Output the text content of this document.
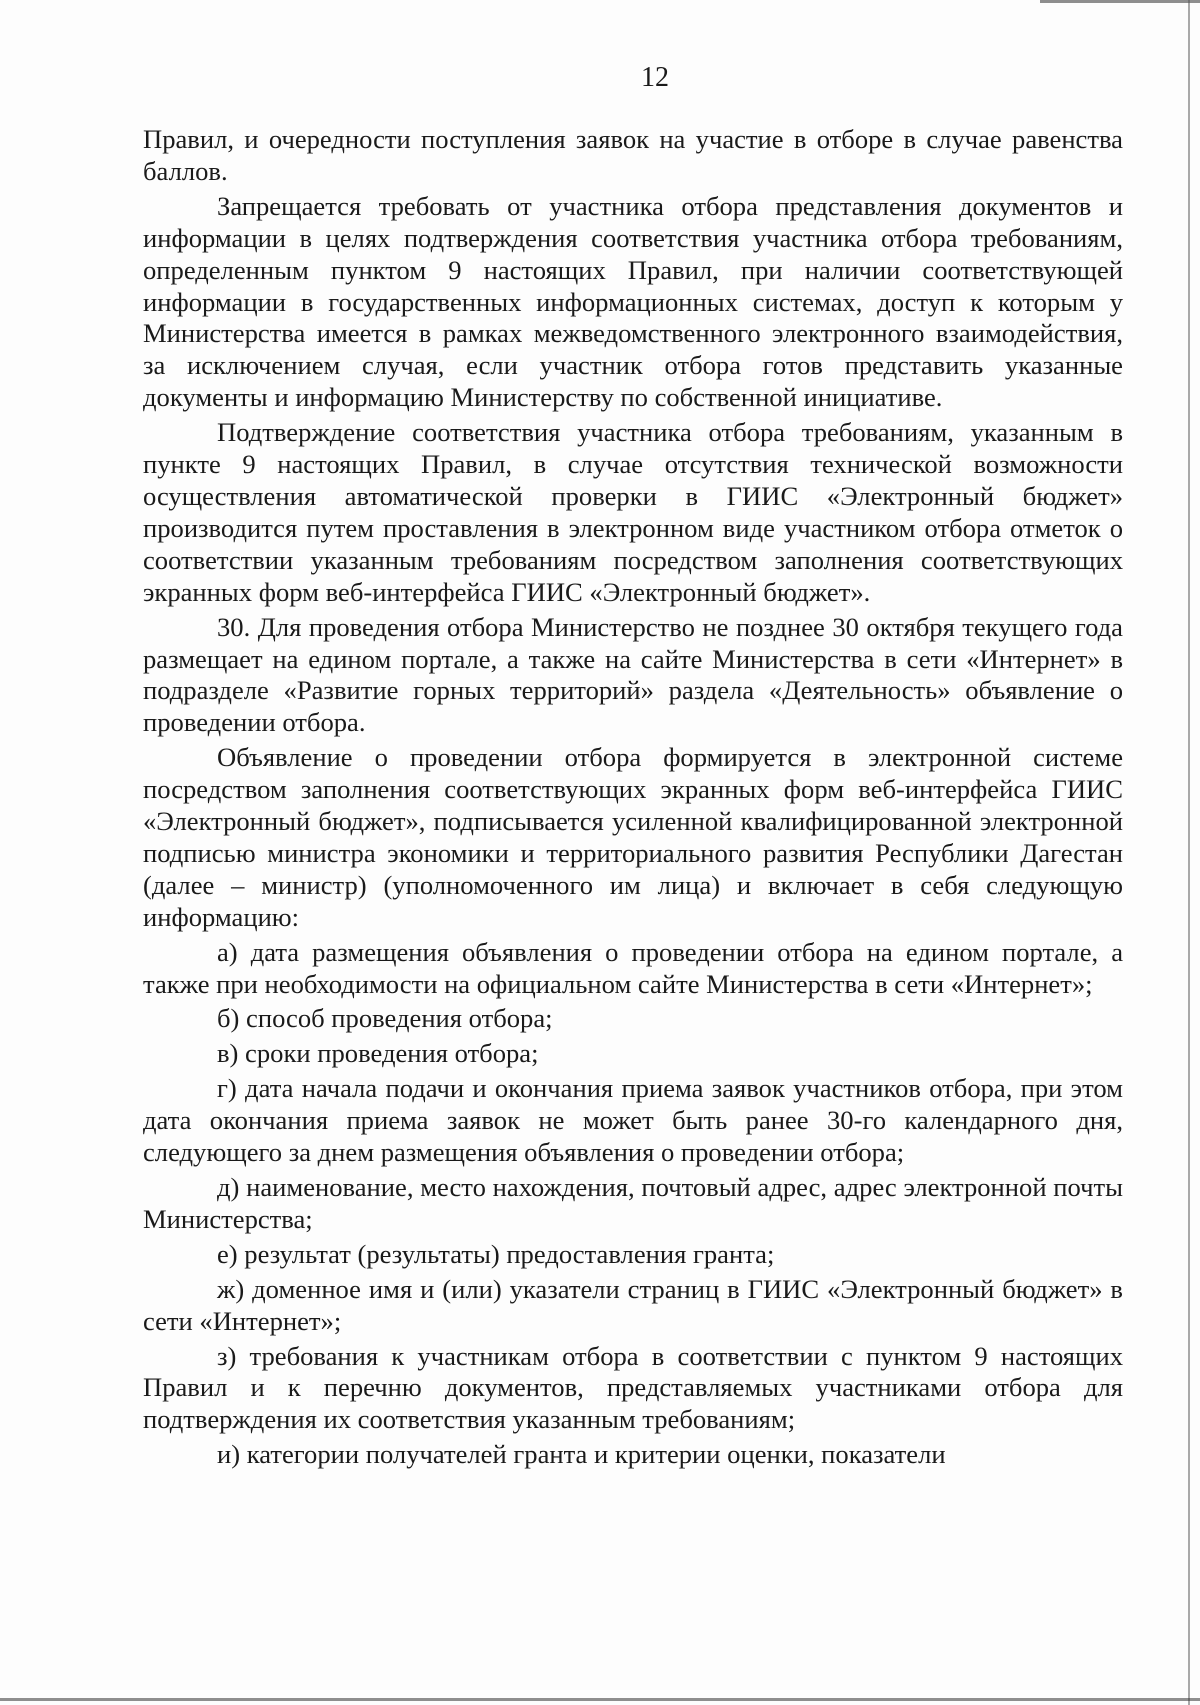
12

Правил, и очередности поступления заявок на участие в отборе в случае равенства баллов.

Запрещается требовать от участника отбора представления документов и информации в целях подтверждения соответствия участника отбора требованиям, определенным пунктом 9 настоящих Правил, при наличии соответствующей информации в государственных информационных системах, доступ к которым у Министерства имеется в рамках межведомственного электронного взаимодействия, за исключением случая, если участник отбора готов представить указанные документы и информацию Министерству по собственной инициативе.

Подтверждение соответствия участника отбора требованиям, указанным в пункте 9 настоящих Правил, в случае отсутствия технической возможности осуществления автоматической проверки в ГИИС «Электронный бюджет» производится путем проставления в электронном виде участником отбора отметок о соответствии указанным требованиям посредством заполнения соответствующих экранных форм веб-интерфейса ГИИС «Электронный бюджет».

30. Для проведения отбора Министерство не позднее 30 октября текущего года размещает на едином портале, а также на сайте Министерства в сети «Интернет» в подразделе «Развитие горных территорий» раздела «Деятельность» объявление о проведении отбора.

Объявление о проведении отбора формируется в электронной системе посредством заполнения соответствующих экранных форм веб-интерфейса ГИИС «Электронный бюджет», подписывается усиленной квалифицированной электронной подписью министра экономики и территориального развития Республики Дагестан (далее – министр) (уполномоченного им лица) и включает в себя следующую информацию:

а) дата размещения объявления о проведении отбора на едином портале, а также при необходимости на официальном сайте Министерства в сети «Интернет»;

б) способ проведения отбора;

в) сроки проведения отбора;

г) дата начала подачи и окончания приема заявок участников отбора, при этом дата окончания приема заявок не может быть ранее 30-го календарного дня, следующего за днем размещения объявления о проведении отбора;

д) наименование, место нахождения, почтовый адрес, адрес электронной почты Министерства;

е) результат (результаты) предоставления гранта;

ж) доменное имя и (или) указатели страниц в ГИИС «Электронный бюджет» в сети «Интернет»;

з) требования к участникам отбора в соответствии с пунктом 9 настоящих Правил и к перечню документов, представляемых участниками отбора для подтверждения их соответствия указанным требованиям;

и) категории получателей гранта и критерии оценки, показатели
